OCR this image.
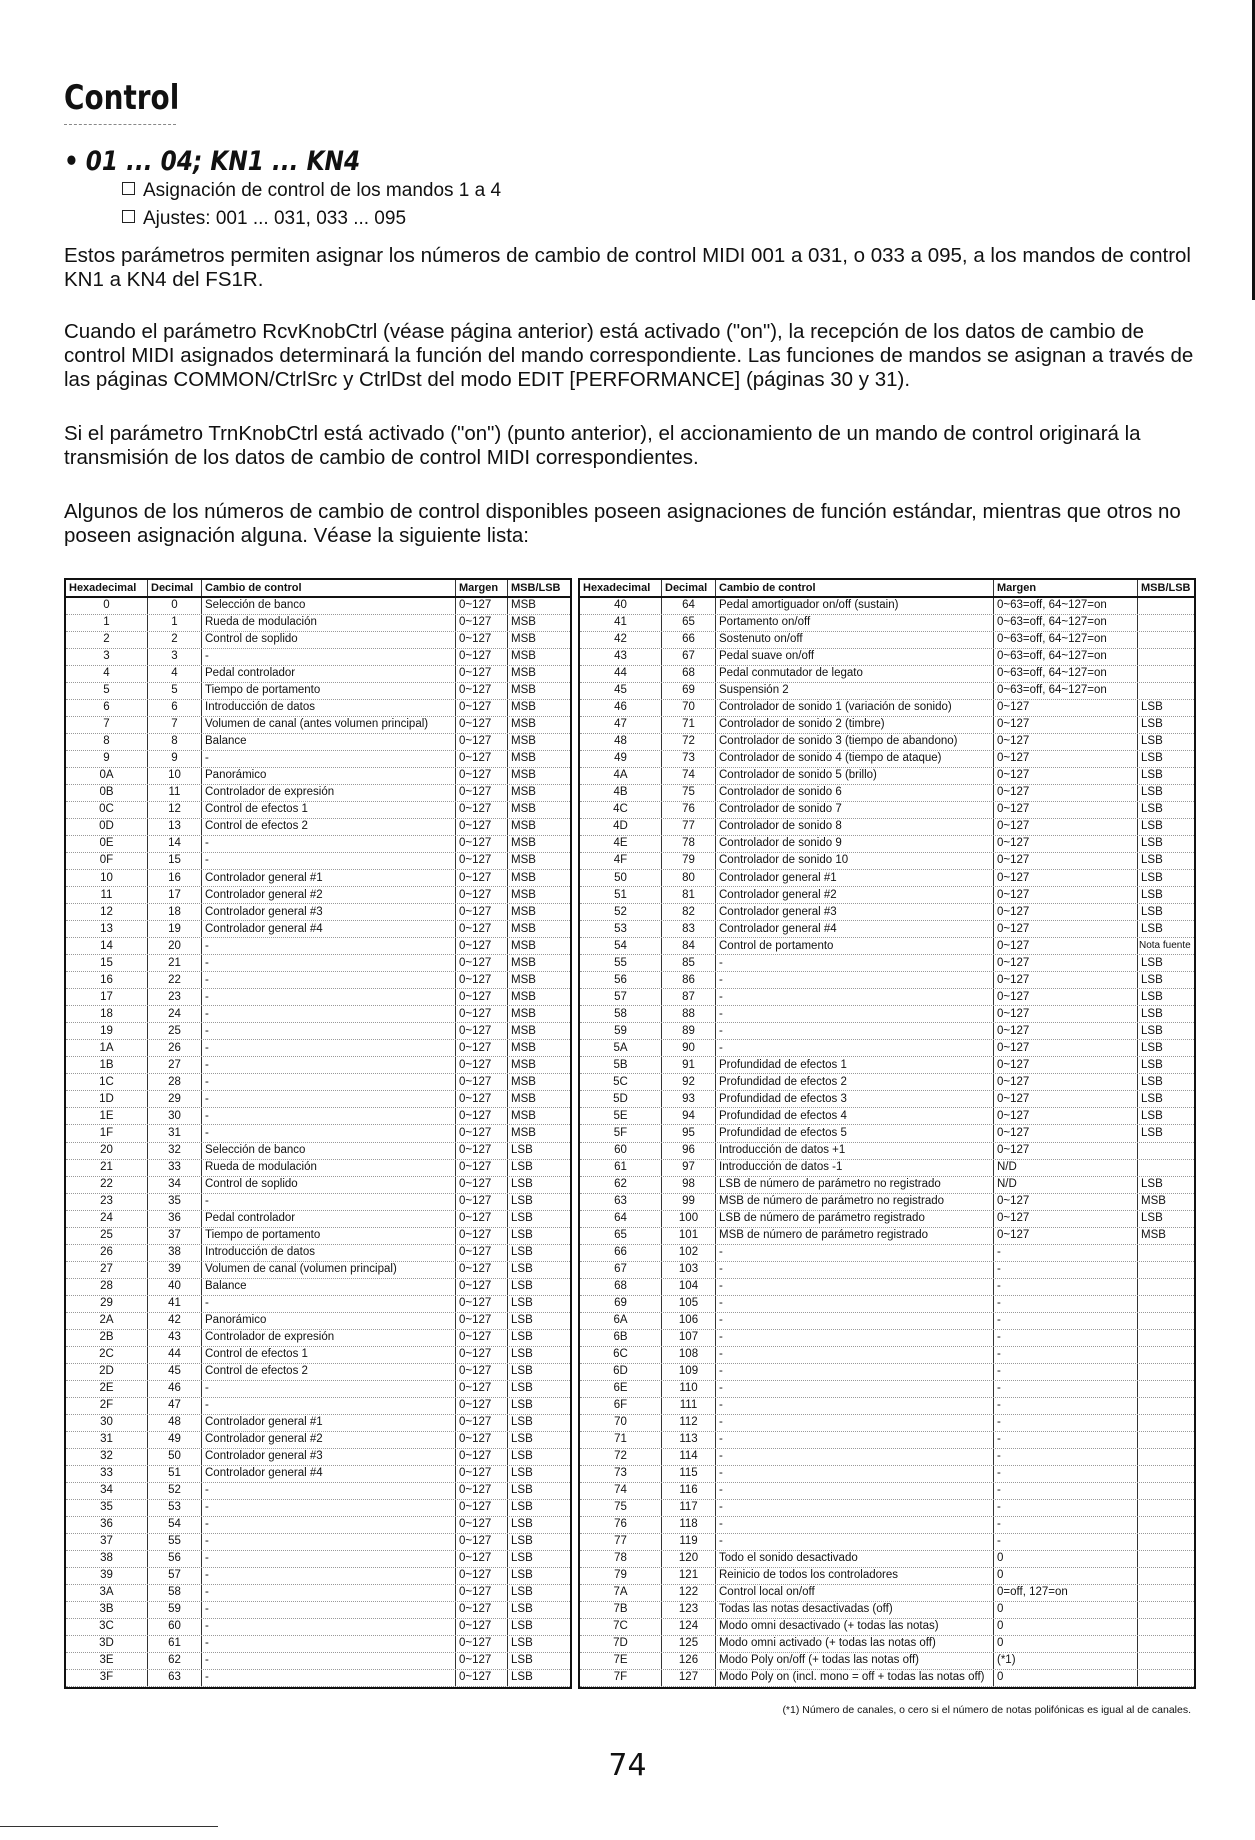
Control
• 01 ... 04; KN1 ... KN4
Asignación de control de los mandos 1 a 4
Ajustes: 001 ... 031, 033 ... 095
Estos parámetros permiten asignar los números de cambio de control MIDI 001 a 031, o 033 a 095, a los mandos de control KN1 a KN4 del FS1R.
Cuando el parámetro RcvKnobCtrl (véase página anterior) está activado ("on"), la recepción de los datos de cambio de control MIDI asignados determinará la función del mando correspondiente. Las funciones de mandos se asignan a través de las páginas COMMON/CtrlSrc y CtrlDst del modo EDIT [PERFORMANCE] (páginas 30 y 31).
Si el parámetro TrnKnobCtrl está activado ("on") (punto anterior), el accionamiento de un mando de control originará la transmisión de los datos de cambio de control MIDI correspondientes.
Algunos de los números de cambio de control disponibles poseen asignaciones de función estándar, mientras que otros no poseen asignación alguna. Véase la siguiente lista:
Hexadecimal	Decimal	Cambio de control	Margen	MSB/LSB
0	0	Selección de banco	0~127	MSB
1	1	Rueda de modulación	0~127	MSB
2	2	Control de soplido	0~127	MSB
3	3	-	0~127	MSB
4	4	Pedal controlador	0~127	MSB
5	5	Tiempo de portamento	0~127	MSB
6	6	Introducción de datos	0~127	MSB
7	7	Volumen de canal (antes volumen principal)	0~127	MSB
8	8	Balance	0~127	MSB
9	9	-	0~127	MSB
0A	10	Panorámico	0~127	MSB
0B	11	Controlador de expresión	0~127	MSB
0C	12	Control de efectos 1	0~127	MSB
0D	13	Control de efectos 2	0~127	MSB
0E	14	-	0~127	MSB
0F	15	-	0~127	MSB
10	16	Controlador general #1	0~127	MSB
11	17	Controlador general #2	0~127	MSB
12	18	Controlador general #3	0~127	MSB
13	19	Controlador general #4	0~127	MSB
14	20	-	0~127	MSB
15	21	-	0~127	MSB
16	22	-	0~127	MSB
17	23	-	0~127	MSB
18	24	-	0~127	MSB
19	25	-	0~127	MSB
1A	26	-	0~127	MSB
1B	27	-	0~127	MSB
1C	28	-	0~127	MSB
1D	29	-	0~127	MSB
1E	30	-	0~127	MSB
1F	31	-	0~127	MSB
20	32	Selección de banco	0~127	LSB
21	33	Rueda de modulación	0~127	LSB
22	34	Control de soplido	0~127	LSB
23	35	-	0~127	LSB
24	36	Pedal controlador	0~127	LSB
25	37	Tiempo de portamento	0~127	LSB
26	38	Introducción de datos	0~127	LSB
27	39	Volumen de canal (volumen principal)	0~127	LSB
28	40	Balance	0~127	LSB
29	41	-	0~127	LSB
2A	42	Panorámico	0~127	LSB
2B	43	Controlador de expresión	0~127	LSB
2C	44	Control de efectos 1	0~127	LSB
2D	45	Control de efectos 2	0~127	LSB
2E	46	-	0~127	LSB
2F	47	-	0~127	LSB
30	48	Controlador general #1	0~127	LSB
31	49	Controlador general #2	0~127	LSB
32	50	Controlador general #3	0~127	LSB
33	51	Controlador general #4	0~127	LSB
34	52	-	0~127	LSB
35	53	-	0~127	LSB
36	54	-	0~127	LSB
37	55	-	0~127	LSB
38	56	-	0~127	LSB
39	57	-	0~127	LSB
3A	58	-	0~127	LSB
3B	59	-	0~127	LSB
3C	60	-	0~127	LSB
3D	61	-	0~127	LSB
3E	62	-	0~127	LSB
3F	63	-	0~127	LSB
Hexadecimal	Decimal	Cambio de control	Margen	MSB/LSB
40	64	Pedal amortiguador on/off (sustain)	0~63=off, 64~127=on
41	65	Portamento on/off	0~63=off, 64~127=on
42	66	Sostenuto on/off	0~63=off, 64~127=on
43	67	Pedal suave on/off	0~63=off, 64~127=on
44	68	Pedal conmutador de legato	0~63=off, 64~127=on
45	69	Suspensión 2	0~63=off, 64~127=on
46	70	Controlador de sonido 1 (variación de sonido)	0~127	LSB
47	71	Controlador de sonido 2 (timbre)	0~127	LSB
48	72	Controlador de sonido 3 (tiempo de abandono)	0~127	LSB
49	73	Controlador de sonido 4 (tiempo de ataque)	0~127	LSB
4A	74	Controlador de sonido 5 (brillo)	0~127	LSB
4B	75	Controlador de sonido 6	0~127	LSB
4C	76	Controlador de sonido 7	0~127	LSB
4D	77	Controlador de sonido 8	0~127	LSB
4E	78	Controlador de sonido 9	0~127	LSB
4F	79	Controlador de sonido 10	0~127	LSB
50	80	Controlador general #1	0~127	LSB
51	81	Controlador general #2	0~127	LSB
52	82	Controlador general #3	0~127	LSB
53	83	Controlador general #4	0~127	LSB
54	84	Control de portamento	0~127	Nota fuente
55	85	-	0~127	LSB
56	86	-	0~127	LSB
57	87	-	0~127	LSB
58	88	-	0~127	LSB
59	89	-	0~127	LSB
5A	90	-	0~127	LSB
5B	91	Profundidad de efectos 1	0~127	LSB
5C	92	Profundidad de efectos 2	0~127	LSB
5D	93	Profundidad de efectos 3	0~127	LSB
5E	94	Profundidad de efectos 4	0~127	LSB
5F	95	Profundidad de efectos 5	0~127	LSB
60	96	Introducción de datos +1	0~127
61	97	Introducción de datos -1	N/D
62	98	LSB de número de parámetro no registrado	N/D	LSB
63	99	MSB de número de parámetro no registrado	0~127	MSB
64	100	LSB de número de parámetro registrado	0~127	LSB
65	101	MSB de número de parámetro registrado	0~127	MSB
66	102	-	-
67	103	-	-
68	104	-	-
69	105	-	-
6A	106	-	-
6B	107	-	-
6C	108	-	-
6D	109	-	-
6E	110	-	-
6F	111	-	-
70	112	-	-
71	113	-	-
72	114	-	-
73	115	-	-
74	116	-	-
75	117	-	-
76	118	-	-
77	119	-	-
78	120	Todo el sonido desactivado	0
79	121	Reinicio de todos los controladores	0
7A	122	Control local on/off	0=off, 127=on
7B	123	Todas las notas desactivadas (off)	0
7C	124	Modo omni desactivado (+ todas las notas)	0
7D	125	Modo omni activado (+ todas las notas off)	0
7E	126	Modo Poly on/off (+ todas las notas off)	(*1)
7F	127	Modo Poly on (incl. mono = off + todas las notas off)	0
(*1) Número de canales, o cero si el número de notas polifónicas es igual al de canales.
74
